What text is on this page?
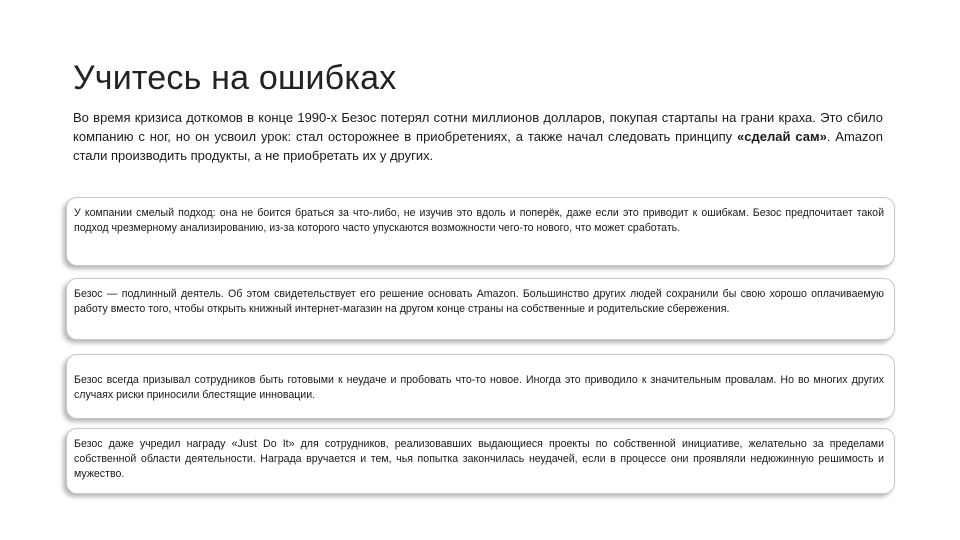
Учитесь на ошибках
Во время кризиса доткомов в конце 1990-х Безос потерял сотни миллионов долларов, покупая стартапы на грани краха. Это сбило компанию с ног, но он усвоил урок: стал осторожнее в приобретениях, а также начал следовать принципу «сделай сам». Amazon стали производить продукты, а не приобретать их у других.

У компании смелый подход: она не боится браться за что-либо, не изучив это вдоль и поперёк, даже если это приводит к ошибкам. Безос предпочитает такой подход чрезмерному анализированию, из-за которого часто упускаются возможности чего-то нового, что может сработать.

Безос — подлинный деятель. Об этом свидетельствует его решение основать Amazon. Большинство других людей сохранили бы свою хорошо оплачиваемую работу вместо того, чтобы открыть книжный интернет-магазин на другом конце страны на собственные и родительские сбережения.

Безос всегда призывал сотрудников быть готовыми к неудаче и пробовать что-то новое. Иногда это приводило к значительным провалам. Но во многих других случаях риски приносили блестящие инновации.

Безос даже учредил награду «Just Do It» для сотрудников, реализовавших выдающиеся проекты по собственной инициативе, желательно за пределами собственной области деятельности. Награда вручается и тем, чья попытка закончилась неудачей, если в процессе они проявляли недюжинную решимость и мужество.
